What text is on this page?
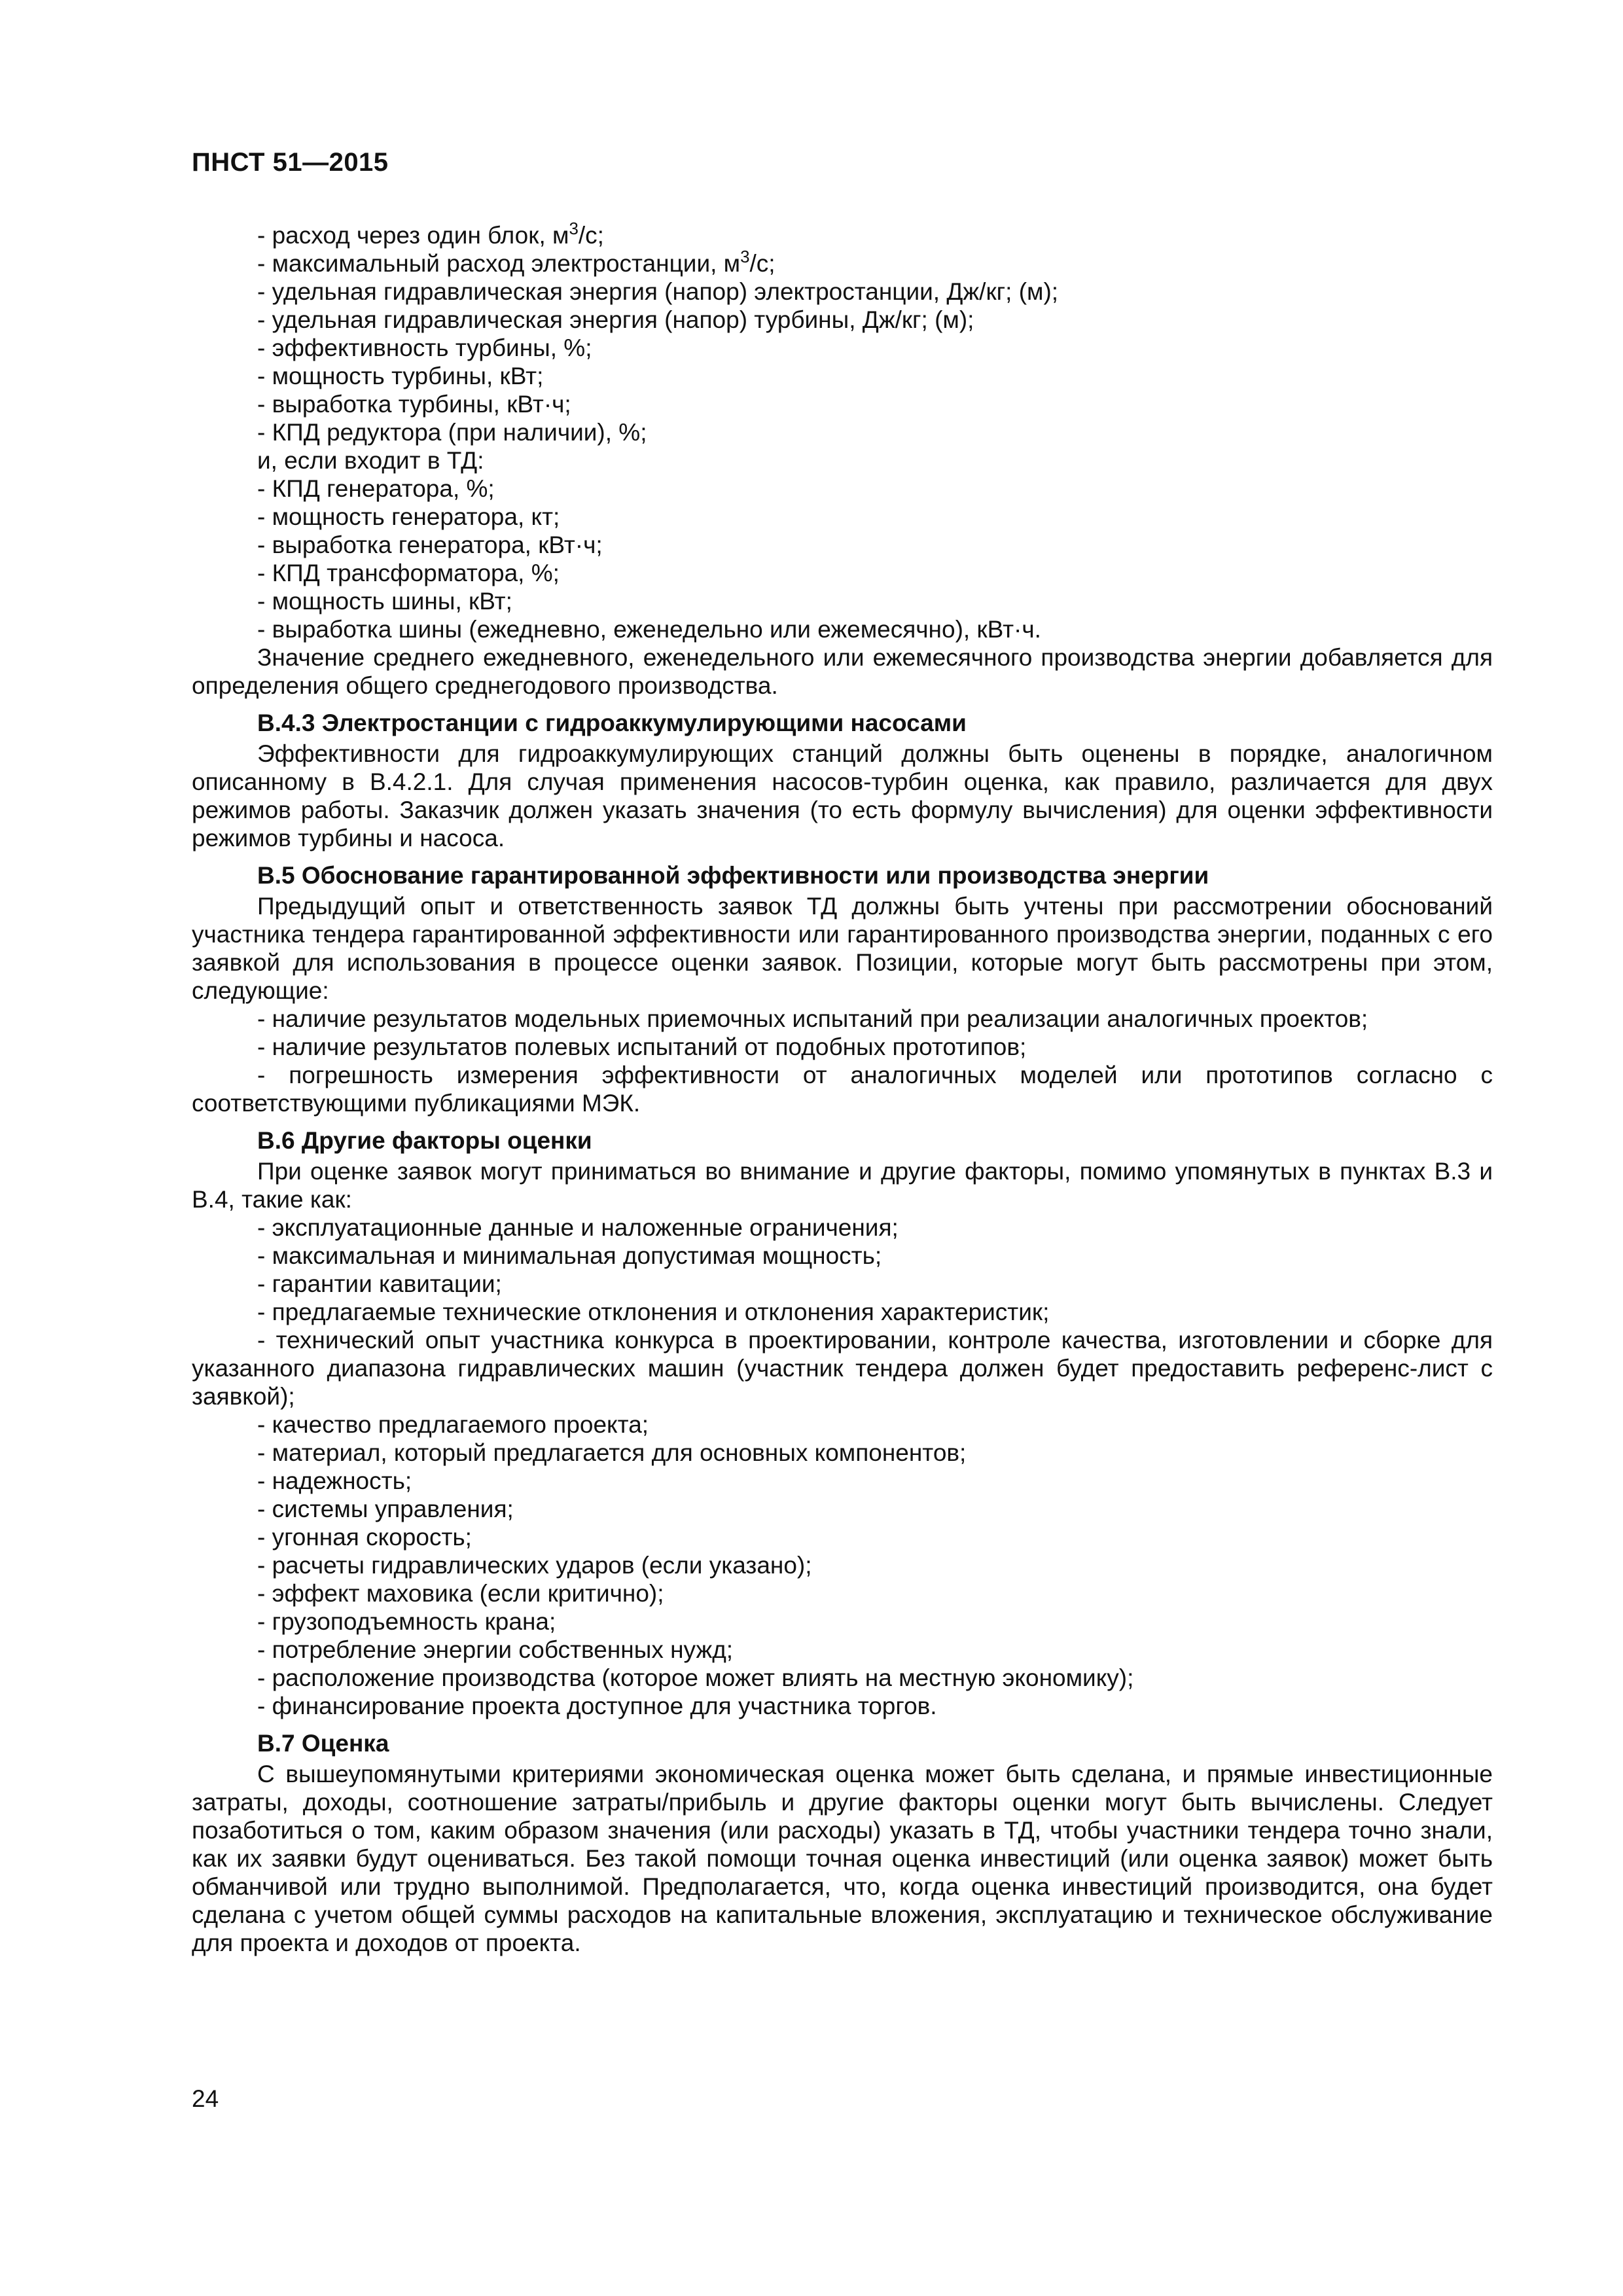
ПНСТ 51—2015

- расход через один блок, $м^3/с$;

- максимальный расход электростанции, $м^3/с$;

- удельная гидравлическая энергия (напор) электростанции, Дж/кг; (м);

- удельная гидравлическая энергия (напор) турбины, Дж/кг; (м);

- эффективность турбины, %;

- мощность турбины, кВт;

- выработка турбины, кВт·ч;

- КПД редуктора (при наличии), %;

и, если входит в ТД:

- КПД генератора, %;

- мощность генератора, кт;

- выработка генератора, кВт·ч;

- КПД трансформатора, %;

- мощность шины, кВт;

- выработка шины (ежедневно, еженедельно или ежемесячно), кВт·ч.

Значение среднего ежедневного, еженедельного или ежемесячного производства энергии добавляется для определения общего среднегодового производства.

В.4.3 Электростанции с гидроаккумулирующими насосами

Эффективности для гидроаккумулирующих станций должны быть оценены в порядке, аналогичном описанному в В.4.2.1. Для случая применения насосов-турбин оценка, как правило, различается для двух режимов работы. Заказчик должен указать значения (то есть формулу вычисления) для оценки эффективности режимов турбины и насоса.

В.5 Обоснование гарантированной эффективности или производства энергии

Предыдущий опыт и ответственность заявок ТД должны быть учтены при рассмотрении обоснований участника тендера гарантированной эффективности или гарантированного производства энергии, поданных с его заявкой для использования в процессе оценки заявок. Позиции, которые могут быть рассмотрены при этом, следующие:

- наличие результатов модельных приемочных испытаний при реализации аналогичных проектов;

- наличие результатов полевых испытаний от подобных прототипов;

- погрешность измерения эффективности от аналогичных моделей или прототипов согласно с соответствующими публикациями МЭК.

В.6 Другие факторы оценки

При оценке заявок могут приниматься во внимание и другие факторы, помимо упомянутых в пунктах В.3 и В.4, такие как:

- эксплуатационные данные и наложенные ограничения;

- максимальная и минимальная допустимая мощность;

- гарантии кавитации;

- предлагаемые технические отклонения и отклонения характеристик;

- технический опыт участника конкурса в проектировании, контроле качества, изготовлении и сборке для указанного диапазона гидравлических машин (участник тендера должен будет предоставить референс-лист с заявкой);

- качество предлагаемого проекта;

- материал, который предлагается для основных компонентов;

- надежность;

- системы управления;

- угонная скорость;

- расчеты гидравлических ударов (если указано);

- эффект маховика (если критично);

- грузоподъемность крана;

- потребление энергии собственных нужд;

- расположение производства (которое может влиять на местную экономику);

- финансирование проекта доступное для участника торгов.

В.7 Оценка

С вышеупомянутыми критериями экономическая оценка может быть сделана, и прямые инвестиционные затраты, доходы, соотношение затраты/прибыль и другие факторы оценки могут быть вычислены. Следует позаботиться о том, каким образом значения (или расходы) указать в ТД, чтобы участники тендера точно знали, как их заявки будут оцениваться. Без такой помощи точная оценка инвестиций (или оценка заявок) может быть обманчивой или трудно выполнимой. Предполагается, что, когда оценка инвестиций производится, она будет сделана с учетом общей суммы расходов на капитальные вложения, эксплуатацию и техническое обслуживание для проекта и доходов от проекта.

24
